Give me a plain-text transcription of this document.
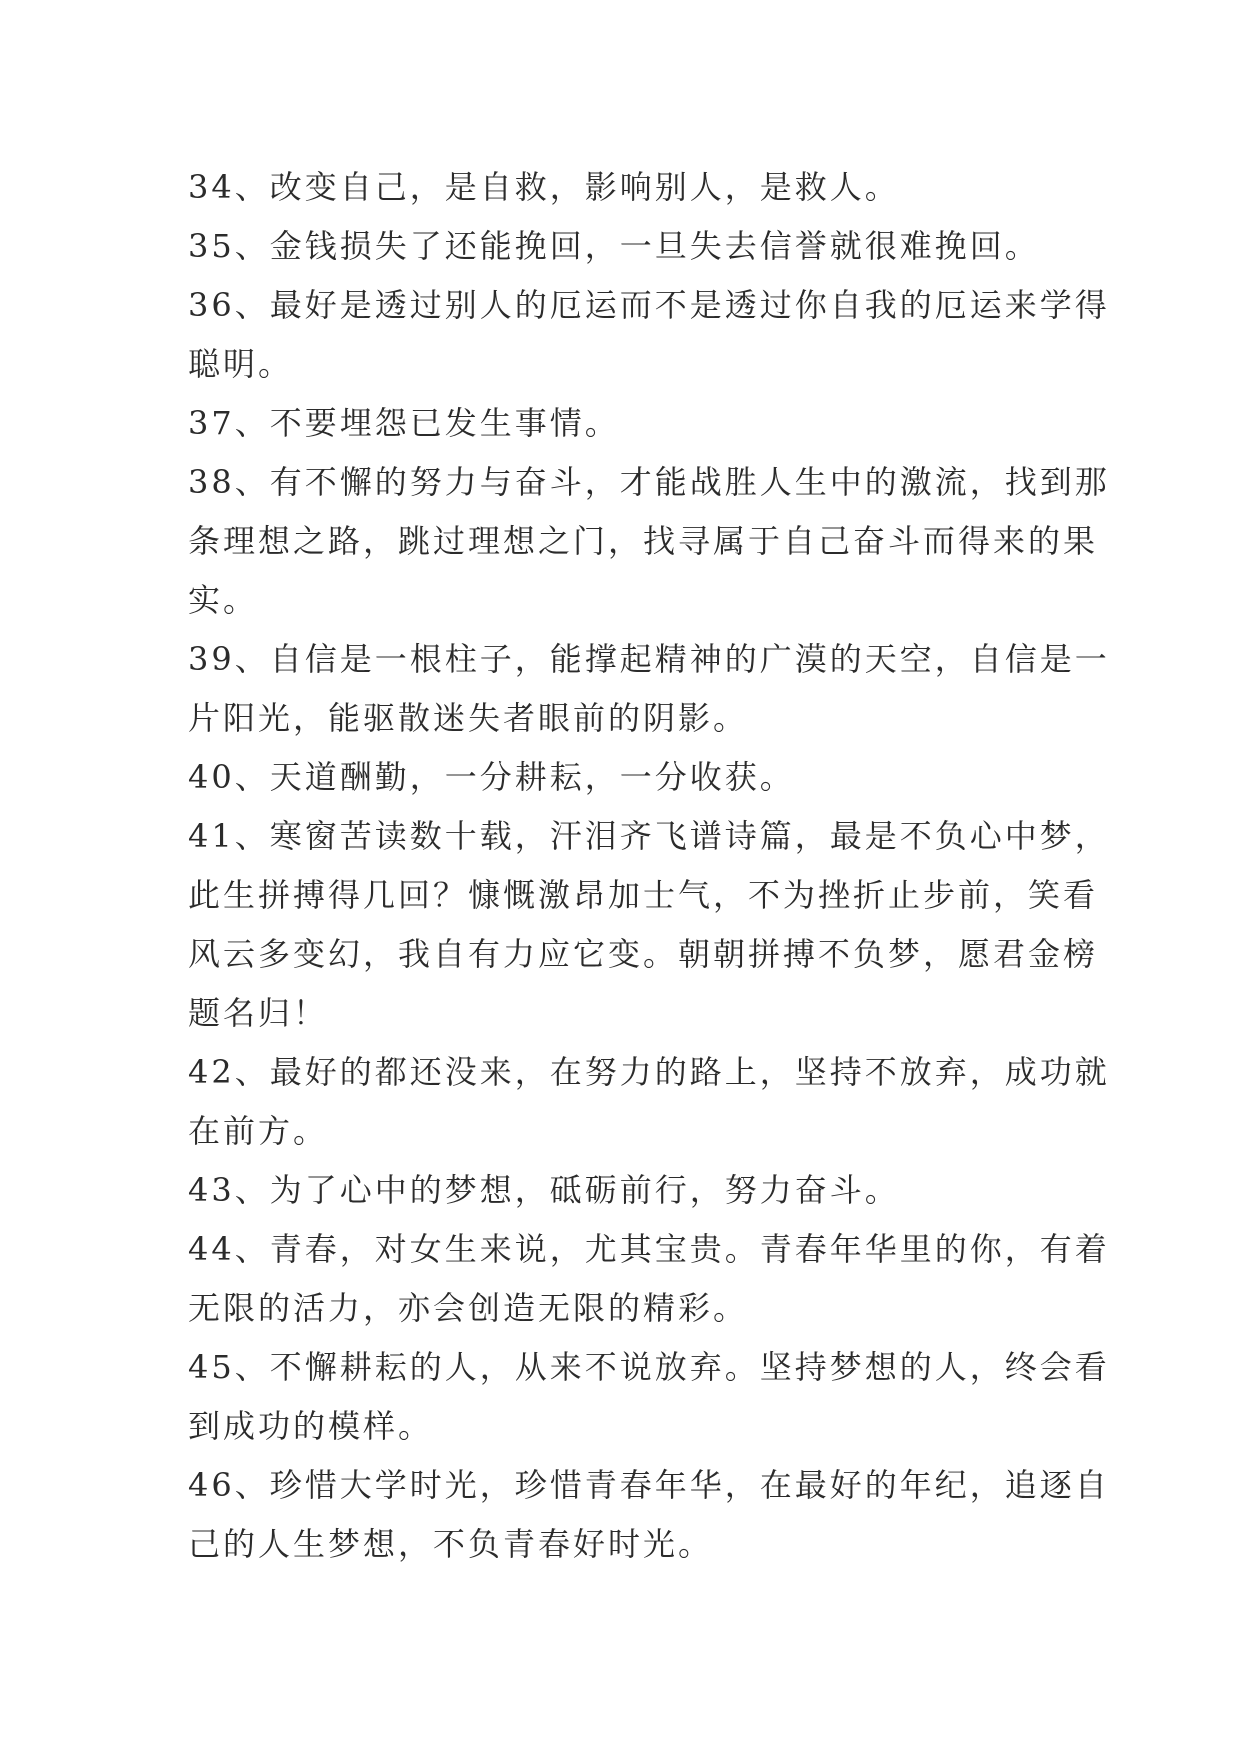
34、改变自己，是自救，影响别人，是救人。
35、金钱损失了还能挽回，一旦失去信誉就很难挽回。
36、最好是透过别人的厄运而不是透过你自我的厄运来学得
聪明。
37、不要埋怨已发生事情。
38、有不懈的努力与奋斗，才能战胜人生中的激流，找到那
条理想之路，跳过理想之门，找寻属于自己奋斗而得来的果
实。
39、自信是一根柱子，能撑起精神的广漠的天空，自信是一
片阳光，能驱散迷失者眼前的阴影。
40、天道酬勤，一分耕耘，一分收获。
41、寒窗苦读数十载，汗泪齐飞谱诗篇，最是不负心中梦，
此生拼搏得几回？慷慨激昂加士气，不为挫折止步前，笑看
风云多变幻，我自有力应它变。朝朝拼搏不负梦，愿君金榜
题名归！
42、最好的都还没来，在努力的路上，坚持不放弃，成功就
在前方。
43、为了心中的梦想，砥砺前行，努力奋斗。
44、青春，对女生来说，尤其宝贵。青春年华里的你，有着
无限的活力，亦会创造无限的精彩。
45、不懈耕耘的人，从来不说放弃。坚持梦想的人，终会看
到成功的模样。
46、珍惜大学时光，珍惜青春年华，在最好的年纪，追逐自
己的人生梦想，不负青春好时光。
